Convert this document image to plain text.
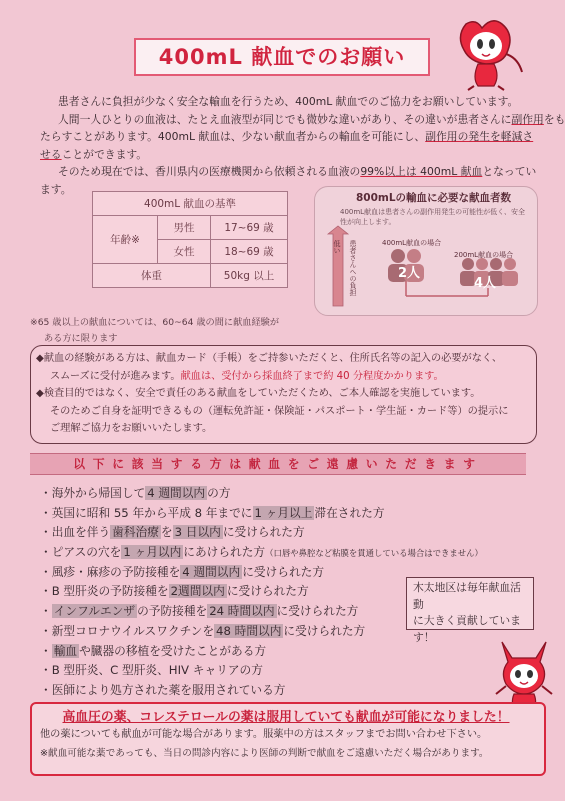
400mL 献血でのお願い
患者さんに負担が少なく安全な輸血を行うため、400mL 献血でのご協力をお願いしています。
人間一人ひとりの血液は、たとえ血液型が同じでも微妙な違いがあり、その違いが患者さんに副作用をも
たらすことがあります。400mL 献血は、少ない献血者からの輸血を可能にし、副作用の発生を軽減さ
せることができます。
そのため現在では、香川県内の医療機関から依頼される血液の99%以上は 400mL 献血となってい
ます。
400mL 献血の基準		
年齢※	男性	17~69 歳
	女性	18~69 歳
体重		50kg 以上
※65 歳以上の献血については、60~64 歳の間に献血経験が
ある方に限ります
800mLの輸血に必要な献血者数
400mL献血は患者さんの副作用発生の可能性が低く、安全性が向上します。
低い 患者さんへの負担	400mL献血の場合
2人
200mL献血の場合
4人
◆献血の経験がある方は、献血カード（手帳）をご持参いただくと、住所氏名等の記入の必要がなく、
スムーズに受付が進みます。献血は、受付から採血終了まで約 40 分程度かかります。
◆検査目的ではなく、安全で責任のある献血をしていただくため、ご本人確認を実施しています。
そのためご自身を証明できるもの（運転免許証・保険証・パスポート・学生証・カード等）の提示に
ご理解ご協力をお願いいたします。
以下に該当する方は献血をご遠慮いただきます
・海外から帰国して 4 週間以内 の方
・英国に昭和 55 年から平成 8 年までに 1 ヶ月以上 滞在された方
・出血を伴う 歯科治療 を 3 日以内 に受けられた方
・ピアスの穴を 1 ヶ月以内 にあけられた方（口唇や鼻腔など粘膜を貫通している場合はできません）
・風疹・麻疹の予防接種を 4 週間以内 に受けられた方
・B 型肝炎の予防接種を 2週間以内 に受けられた方
・ インフルエンザ の予防接種を 24 時間以内 に受けられた方
・新型コロナウイルスワクチンを 48 時間以内 に受けられた方
・ 輸血 や臓器の移植を受けたことがある方
・B 型肝炎、C 型肝炎、HIV キャリアの方
・医師により処方された薬を服用されている方
木太地区は毎年献血活動
に大きく貢献していま
す！
高血圧の薬、コレステロールの薬は服用していても献血が可能になりました！
他の薬についても献血が可能な場合があります。服薬中の方はスタッフまでお問い合わせ下さい。
※献血可能な薬であっても、当日の問診内容により医師の判断で献血をご遠慮いただく場合があります。
